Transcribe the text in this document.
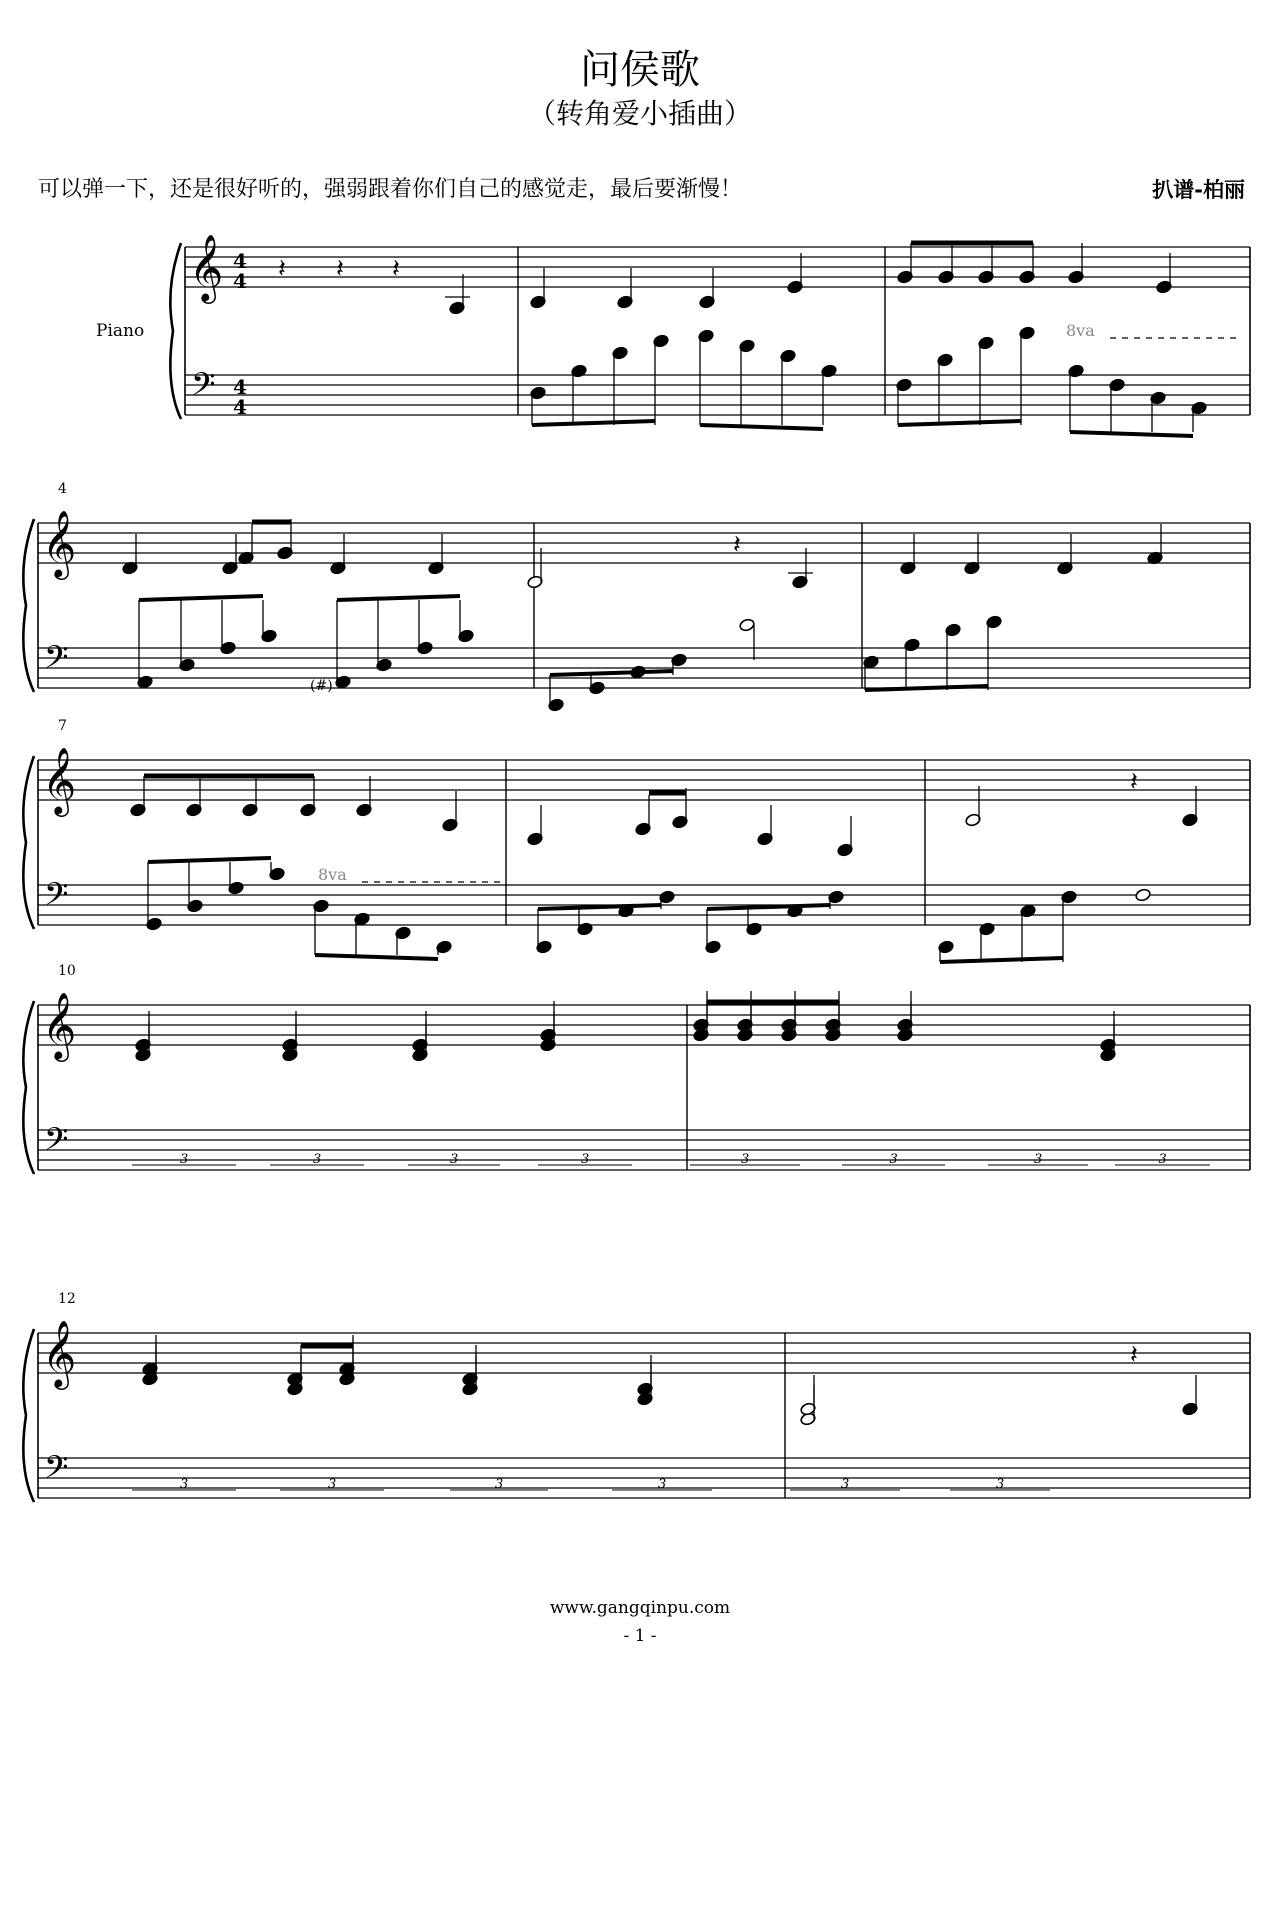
问侯歌
（转角爱小插曲）
可以弹一下，还是很好听的，强弱跟着你们自己的感觉走，最后要渐慢！	扒谱-柏丽
𝄞
𝄢
𝄞
𝄢
4
𝄞
𝄢
7
𝄞
𝄢
10
𝄞
𝄢
12
Piano
4
4
4
4
𝄽 𝄽 𝄽
8va
𝄽
(#)
𝄽
8va
3	3	3	3	3	3	3	3
𝄽
3	3	3	3	3	3
www.gangqinpu.com
- 1 -
